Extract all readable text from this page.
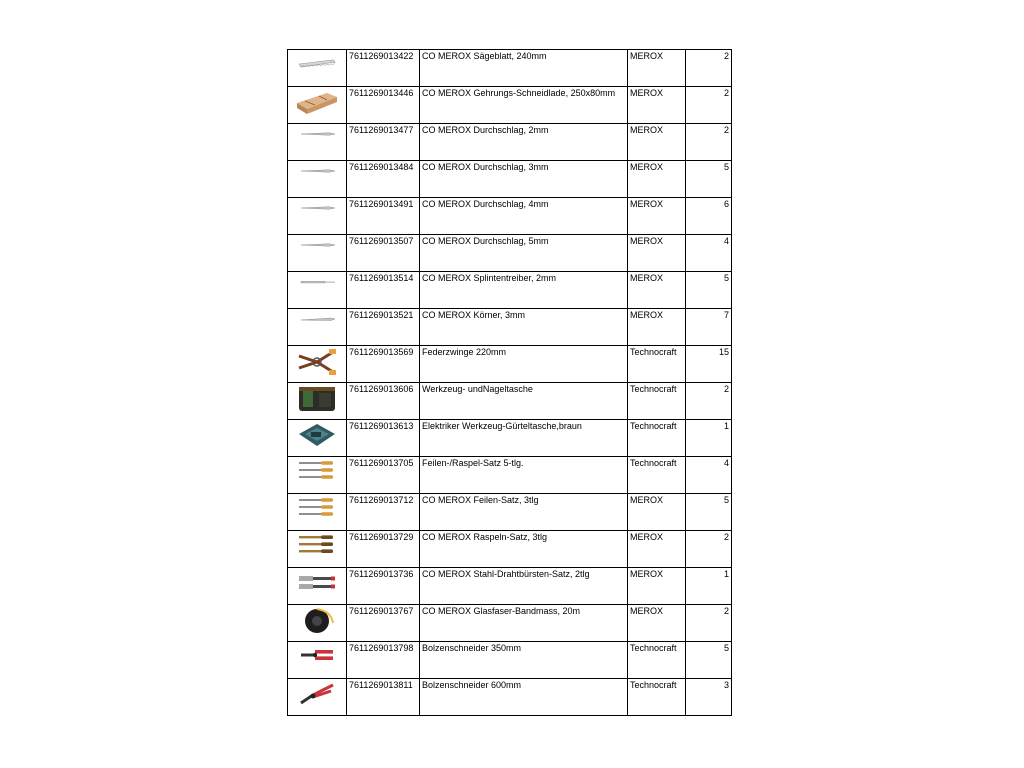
	7611269013422	CO MEROX Sägeblatt, 240mm	MEROX	2

	7611269013446	CO MEROX Gehrungs-Schneidlade, 250x80mm	MEROX	2

	7611269013477	CO MEROX Durchschlag, 2mm	MEROX	2

	7611269013484	CO MEROX Durchschlag, 3mm	MEROX	5

	7611269013491	CO MEROX Durchschlag, 4mm	MEROX	6

	7611269013507	CO MEROX Durchschlag, 5mm	MEROX	4

	7611269013514	CO MEROX Splintentreiber, 2mm	MEROX	5

	7611269013521	CO MEROX Körner, 3mm	MEROX	7

	7611269013569	Federzwinge 220mm	Technocraft	15

	7611269013606	Werkzeug- undNageltasche	Technocraft	2

	7611269013613	Elektriker Werkzeug-Gürteltasche,braun	Technocraft	1

	7611269013705	Feilen-/Raspel-Satz 5-tlg.	Technocraft	4

	7611269013712	CO MEROX Feilen-Satz, 3tlg	MEROX	5

	7611269013729	CO MEROX Raspeln-Satz, 3tlg	MEROX	2

	7611269013736	CO MEROX Stahl-Drahtbürsten-Satz, 2tlg	MEROX	1

	7611269013767	CO MEROX Glasfaser-Bandmass, 20m	MEROX	2

	7611269013798	Bolzenschneider 350mm	Technocraft	5

	7611269013811	Bolzenschneider 600mm	Technocraft	3
